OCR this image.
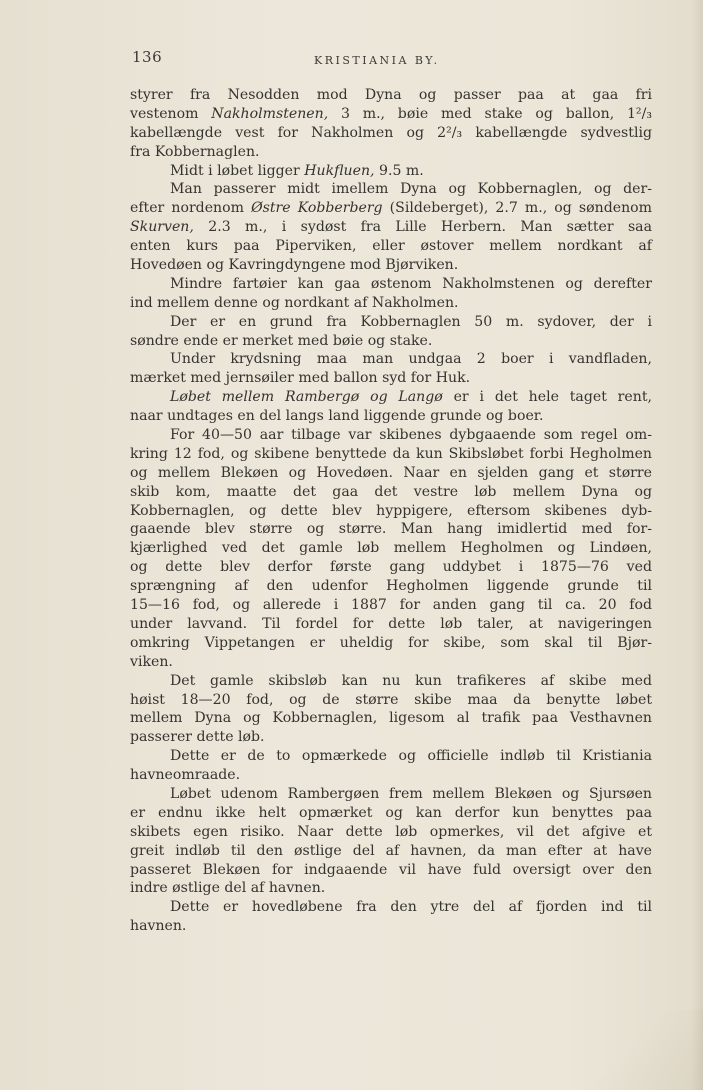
136	KRISTIANIA BY.
styrer fra Nesodden mod Dyna og passer paa at gaa fri
vestenom Nakholmstenen, 3 m., bøie med stake og ballon, 1²/₃
kabellængde vest for Nakholmen og 2²/₃ kabellængde sydvestlig
fra Kobbernaglen.
Midt i løbet ligger Hukfluen, 9.5 m.
Man passerer midt imellem Dyna og Kobbernaglen, og der-
efter nordenom Østre Kobberberg (Sildeberget), 2.7 m., og søndenom
Skurven, 2.3 m., i sydøst fra Lille Herbern. Man sætter saa
enten kurs paa Piperviken, eller østover mellem nordkant af
Hovedøen og Kavringdyngene mod Bjørviken.
Mindre fartøier kan gaa østenom Nakholmstenen og derefter
ind mellem denne og nordkant af Nakholmen.
Der er en grund fra Kobbernaglen 50 m. sydover, der i
søndre ende er merket med bøie og stake.
Under krydsning maa man undgaa 2 boer i vandfladen,
mærket med jernsøiler med ballon syd for Huk.
Løbet mellem Rambergø og Langø er i det hele taget rent,
naar undtages en del langs land liggende grunde og boer.
For 40—50 aar tilbage var skibenes dybgaaende som regel om-
kring 12 fod, og skibene benyttede da kun Skibsløbet forbi Hegholmen
og mellem Blekøen og Hovedøen. Naar en sjelden gang et større
skib kom, maatte det gaa det vestre løb mellem Dyna og
Kobbernaglen, og dette blev hyppigere, eftersom skibenes dyb-
gaaende blev større og større. Man hang imidlertid med for-
kjærlighed ved det gamle løb mellem Hegholmen og Lindøen,
og dette blev derfor første gang uddybet i 1875—76 ved
sprængning af den udenfor Hegholmen liggende grunde til
15—16 fod, og allerede i 1887 for anden gang til ca. 20 fod
under lavvand. Til fordel for dette løb taler, at navigeringen
omkring Vippetangen er uheldig for skibe, som skal til Bjør-
viken.
Det gamle skibsløb kan nu kun trafikeres af skibe med
høist 18—20 fod, og de større skibe maa da benytte løbet
mellem Dyna og Kobbernaglen, ligesom al trafik paa Vesthavnen
passerer dette løb.
Dette er de to opmærkede og officielle indløb til Kristiania
havneomraade.
Løbet udenom Rambergøen frem mellem Blekøen og Sjursøen
er endnu ikke helt opmærket og kan derfor kun benyttes paa
skibets egen risiko. Naar dette løb opmerkes, vil det afgive et
greit indløb til den østlige del af havnen, da man efter at have
passeret Blekøen for indgaaende vil have fuld oversigt over den
indre østlige del af havnen.
Dette er hovedløbene fra den ytre del af fjorden ind til
havnen.
